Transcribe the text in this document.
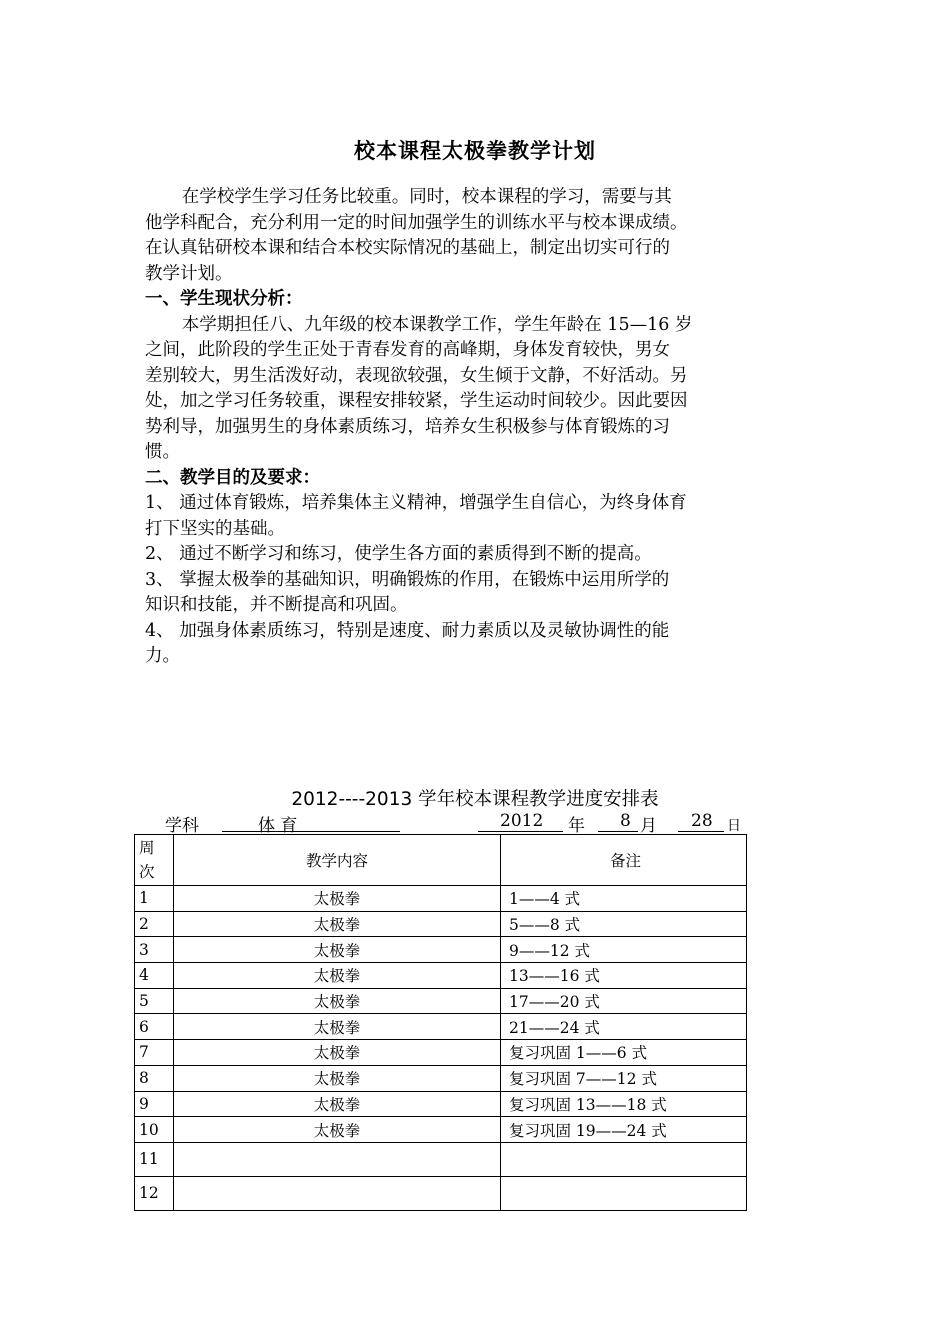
校本课程太极拳教学计划
在学校学生学习任务比较重。同时，校本课程的学习，需要与其
他学科配合，充分利用一定的时间加强学生的训练水平与校本课成绩。
在认真钻研校本课和结合本校实际情况的基础上，制定出切实可行的
教学计划。
一、学生现状分析：
本学期担任八、九年级的校本课教学工作，学生年龄在 15—16 岁
之间，此阶段的学生正处于青春发育的高峰期，身体发育较快，男女
差别较大，男生活泼好动，表现欲较强，女生倾于文静，不好活动。另
处，加之学习任务较重，课程安排较紧，学生运动时间较少。因此要因
势利导，加强男生的身体素质练习，培养女生积极参与体育锻炼的习
惯。
二、教学目的及要求：
1、 通过体育锻炼，培养集体主义精神，增强学生自信心，为终身体育
打下坚实的基础。
2、 通过不断学习和练习，使学生各方面的素质得到不断的提高。
3、 掌握太极拳的基础知识，明确锻炼的作用，在锻炼中运用所学的
知识和技能，并不断提高和巩固。
4、 加强身体素质练习，特别是速度、耐力素质以及灵敏协调性的能
力。
2012----2013 学年校本课程教学进度安排表
学科	体 育	2012	年	8 月	28	日
周
次	教学内容	备注
1	太极拳	1——4 式
2	太极拳	5——8 式
3	太极拳	9——12 式
4	太极拳	13——16 式
5	太极拳	17——20 式
6	太极拳	21——24 式
7	太极拳	复习巩固 1——6 式
8	太极拳	复习巩固 7——12 式
9	太极拳	复习巩固 13——18 式
10	太极拳	复习巩固 19——24 式
11		
12		
